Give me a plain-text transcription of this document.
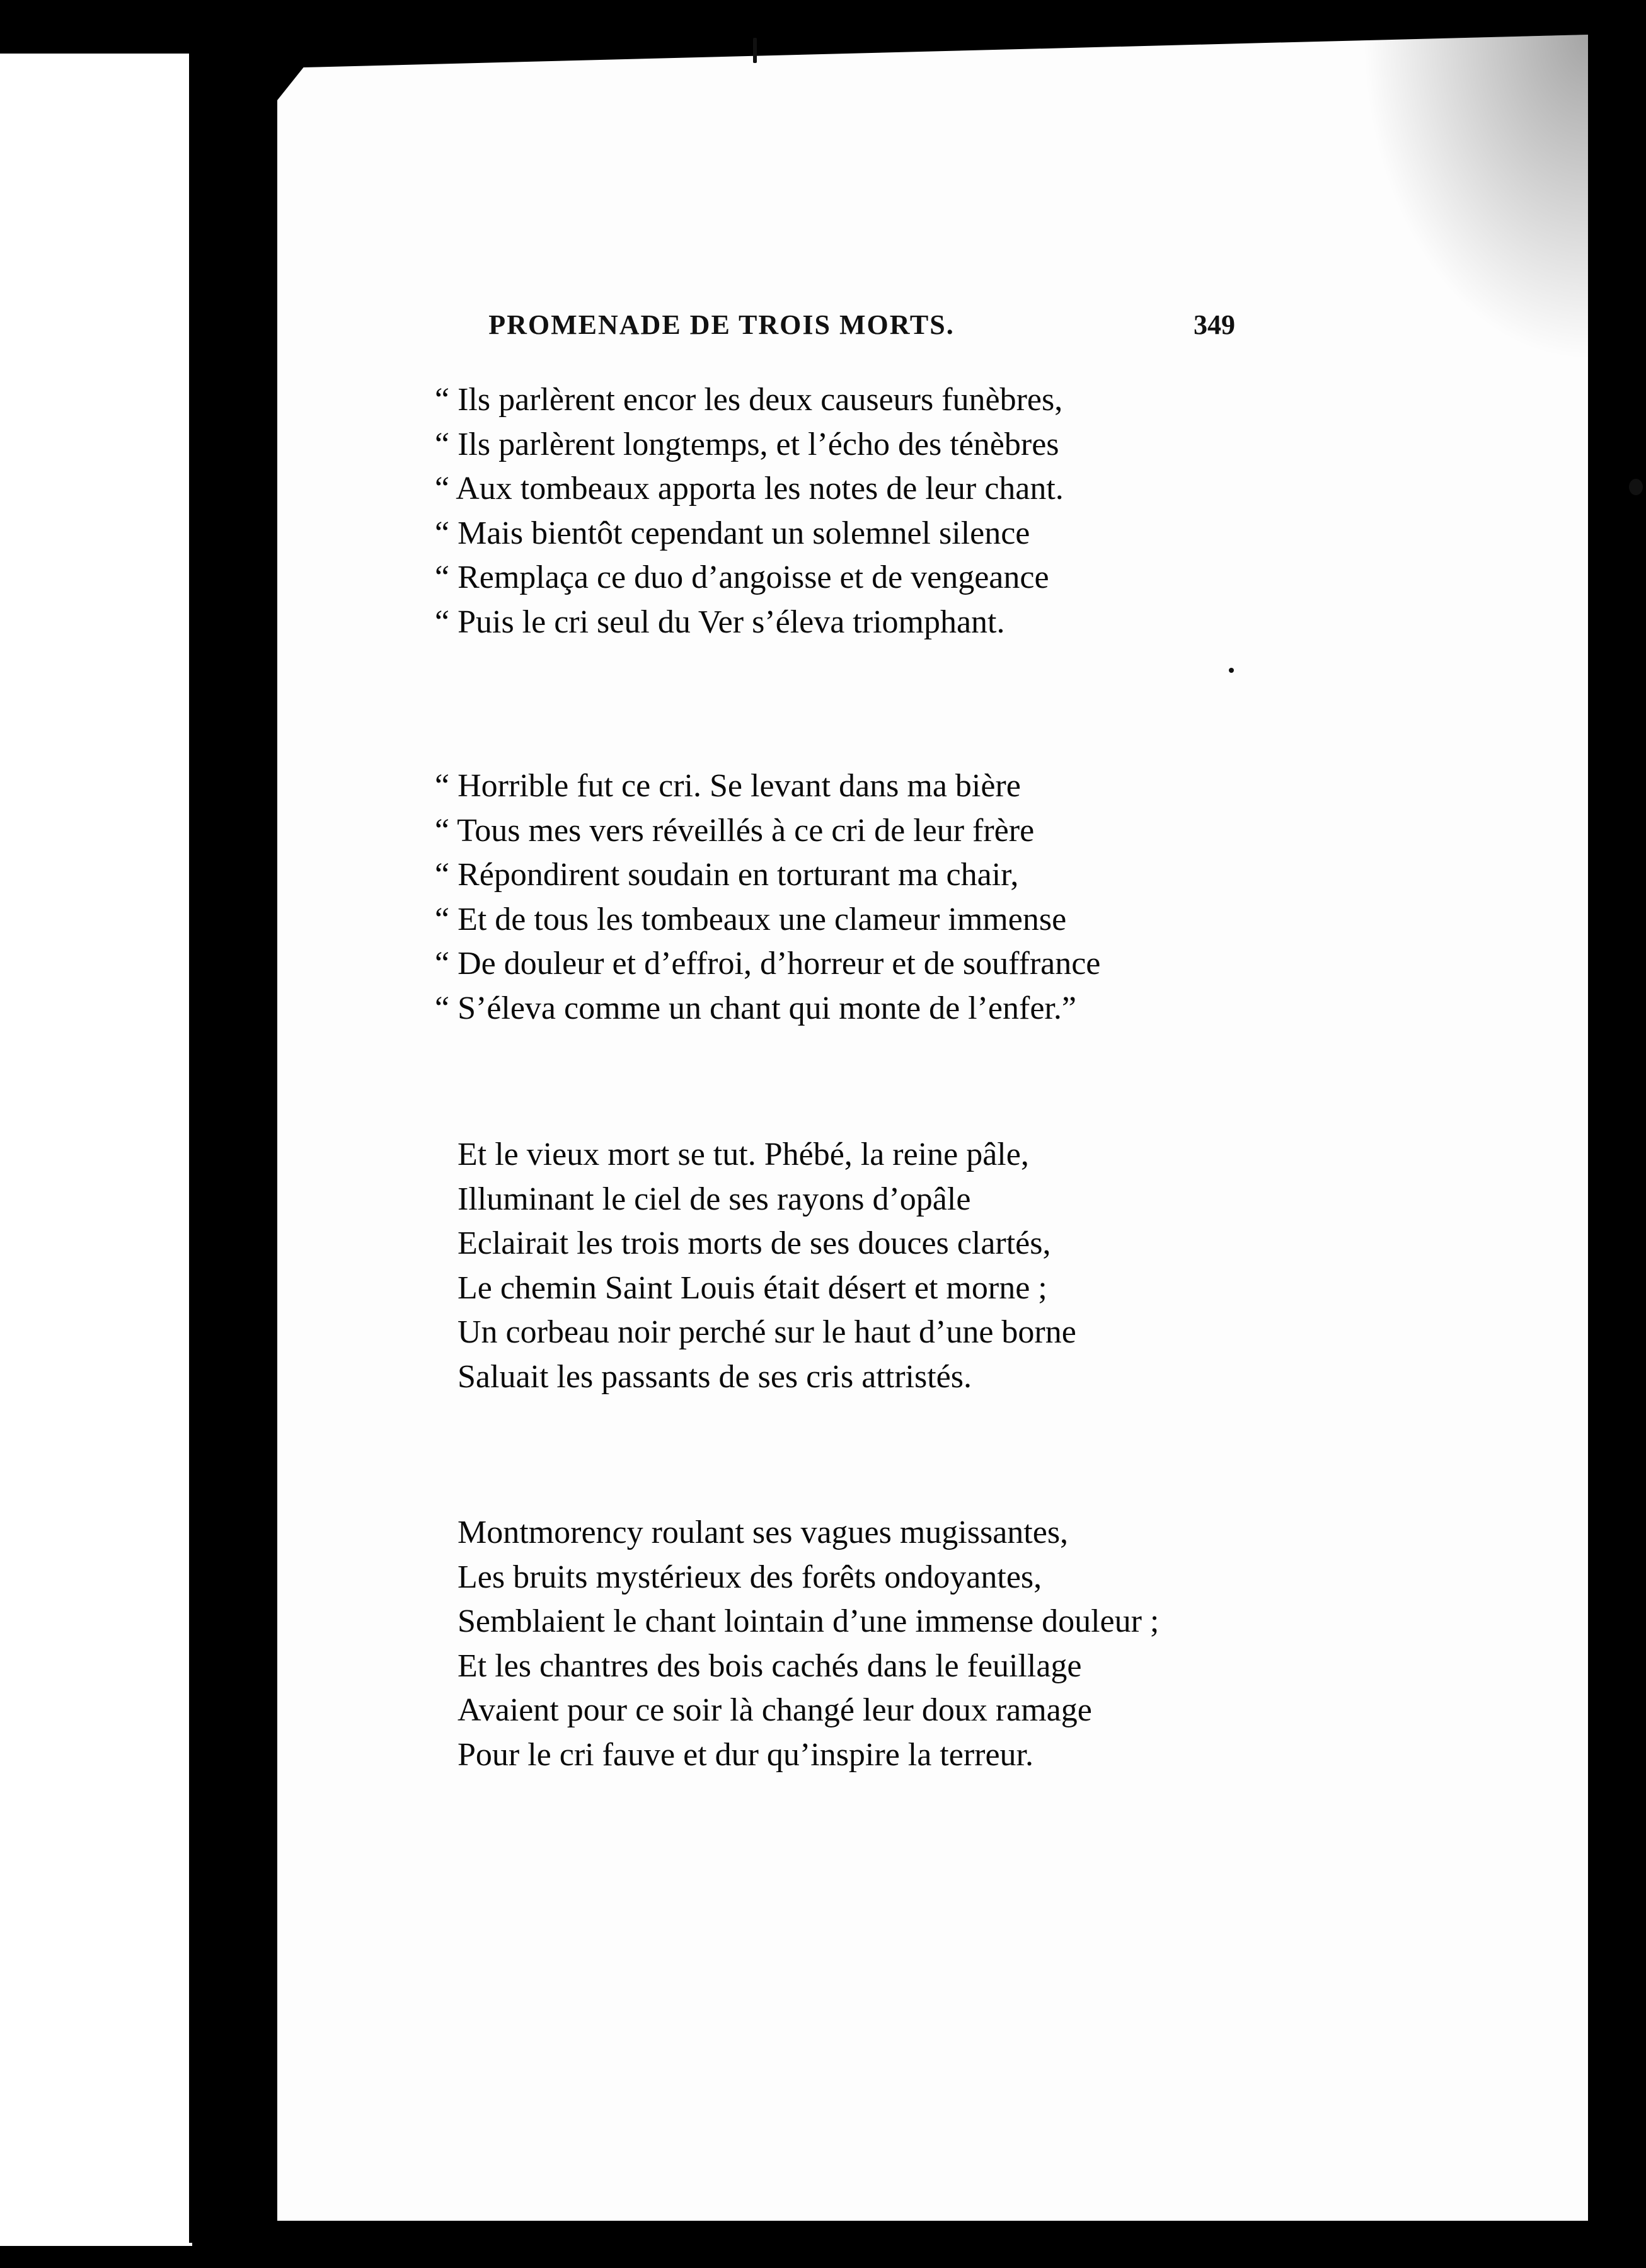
PROMENADE DE TROIS MORTS.	349
“ Ils parlèrent encor les deux causeurs funèbres,
“ Ils parlèrent longtemps, et l’écho des ténèbres
“ Aux tombeaux apporta les notes de leur chant.
“ Mais bientôt cependant un solemnel silence
“ Remplaça ce duo d’angoisse et de vengeance
“ Puis le cri seul du Ver s’éleva triomphant.
“ Horrible fut ce cri. Se levant dans ma bière
“ Tous mes vers réveillés à ce cri de leur frère
“ Répondirent soudain en torturant ma chair,
“ Et de tous les tombeaux une clameur immense
“ De douleur et d’effroi, d’horreur et de souffrance
“ S’éleva comme un chant qui monte de l’enfer.”
Et le vieux mort se tut. Phébé, la reine pâle,
Illuminant le ciel de ses rayons d’opâle
Eclairait les trois morts de ses douces clartés,
Le chemin Saint Louis était désert et morne ;
Un corbeau noir perché sur le haut d’une borne
Saluait les passants de ses cris attristés.
Montmorency roulant ses vagues mugissantes,
Les bruits mystérieux des forêts ondoyantes,
Semblaient le chant lointain d’une immense douleur ;
Et les chantres des bois cachés dans le feuillage
Avaient pour ce soir là changé leur doux ramage
Pour le cri fauve et dur qu’inspire la terreur.
